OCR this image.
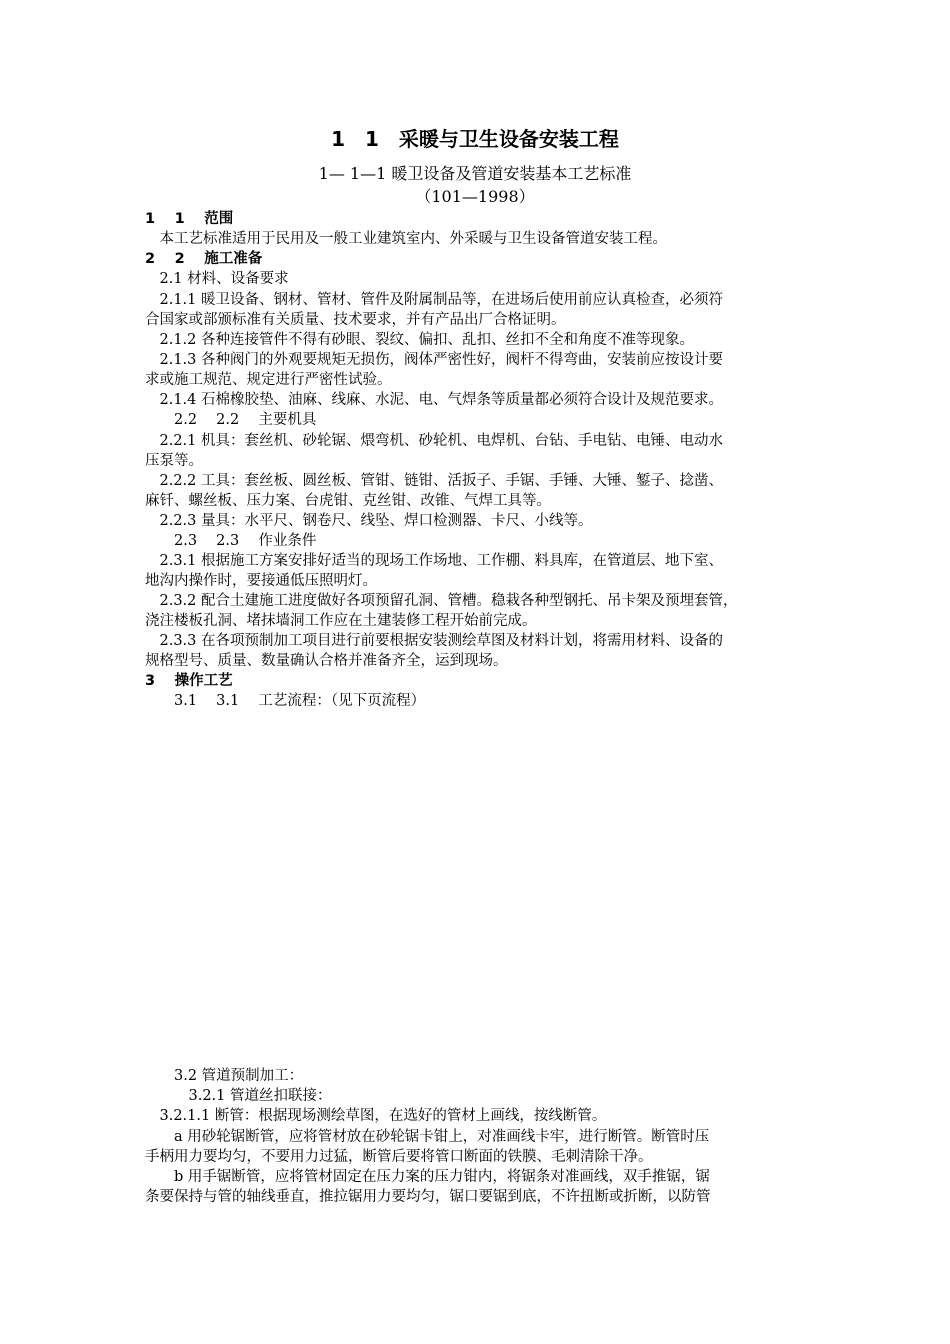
1　1　采暖与卫生设备安装工程
1— 1—1 暖卫设备及管道安装基本工艺标准
（101—1998）
1　 1　 范围
　本工艺标准适用于民用及一般工业建筑室内、外采暖与卫生设备管道安装工程。
2　 2　 施工准备
　2.1 材料、设备要求
　2.1.1 暖卫设备、钢材、管材、管件及附属制品等，在进场后使用前应认真检查，必须符
合国家或部颁标准有关质量、技术要求，并有产品出厂合格证明。
　2.1.2 各种连接管件不得有砂眼、裂纹、偏扣、乱扣、丝扣不全和角度不准等现象。
　2.1.3 各种阀门的外观要规矩无损伤，阀体严密性好，阀杆不得弯曲，安装前应按设计要
求或施工规范、规定进行严密性试验。
　2.1.4 石棉橡胶垫、油麻、线麻、水泥、电、气焊条等质量都必须符合设计及规范要求。
　　2.2　 2.2　 主要机具
　2.2.1 机具：套丝机、砂轮锯、煨弯机、砂轮机、电焊机、台钻、手电钻、电锤、电动水
压泵等。
　2.2.2 工具：套丝板、圆丝板、管钳、链钳、活扳子、手锯、手锤、大锤、錾子、捻凿、
麻钎、螺丝板、压力案、台虎钳、克丝钳、改锥、气焊工具等。
　2.2.3 量具：水平尺、钢卷尺、线坠、焊口检测器、卡尺、小线等。
　　2.3　 2.3　 作业条件
　2.3.1 根据施工方案安排好适当的现场工作场地、工作棚、料具库，在管道层、地下室、
地沟内操作时，要接通低压照明灯。
　2.3.2 配合土建施工进度做好各项预留孔洞、管槽。稳栽各种型钢托、吊卡架及预埋套管，
浇注楼板孔洞、堵抹墙洞工作应在土建装修工程开始前完成。
　2.3.3 在各项预制加工项目进行前要根据安装测绘草图及材料计划，将需用材料、设备的
规格型号、质量、数量确认合格并准备齐全，运到现场。
3　 操作工艺
　　3.1　 3.1　 工艺流程：（见下页流程）
　　3.2 管道预制加工：
　　　3.2.1 管道丝扣联接：
　3.2.1.1 断管：根据现场测绘草图，在选好的管材上画线，按线断管。
　　a 用砂轮锯断管，应将管材放在砂轮锯卡钳上，对准画线卡牢，进行断管。断管时压
手柄用力要均匀，不要用力过猛，断管后要将管口断面的铁膜、毛刺清除干净。
　　b 用手锯断管，应将管材固定在压力案的压力钳内，将锯条对准画线，双手推锯，锯
条要保持与管的轴线垂直，推拉锯用力要均匀，锯口要锯到底，不许扭断或折断，以防管
